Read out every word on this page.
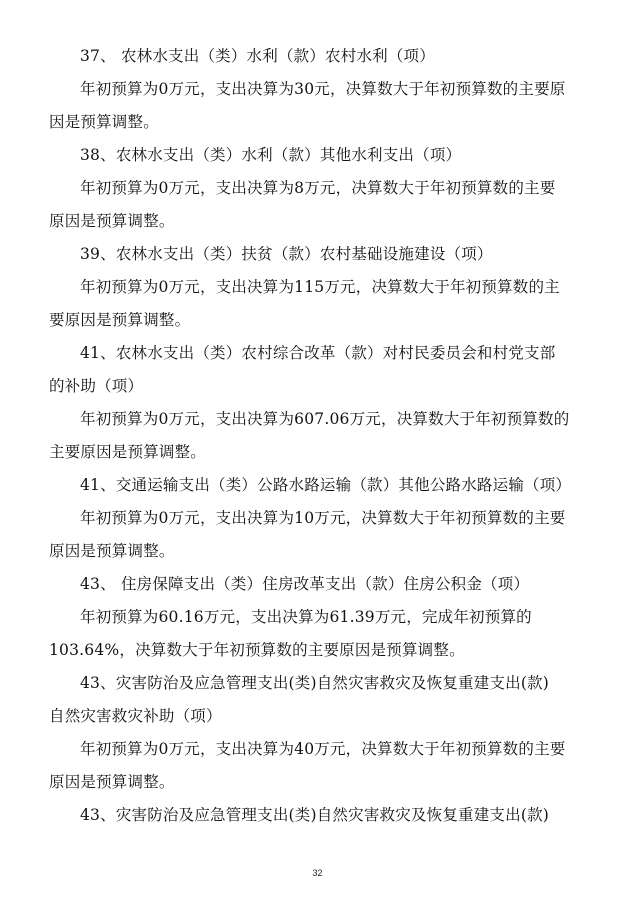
37、 农林水支出（类）水利（款）农村水利（项）
年初预算为0万元，支出决算为30元，决算数大于年初预算数的主要原
因是预算调整。
38、农林水支出（类）水利（款）其他水利支出（项）
年初预算为0万元，支出决算为8万元，决算数大于年初预算数的主要
原因是预算调整。
39、农林水支出（类）扶贫（款）农村基础设施建设（项）
年初预算为0万元，支出决算为115万元，决算数大于年初预算数的主
要原因是预算调整。
41、农林水支出（类）农村综合改革（款）对村民委员会和村党支部
的补助（项）
年初预算为0万元，支出决算为607.06万元，决算数大于年初预算数的
主要原因是预算调整。
41、交通运输支出（类）公路水路运输（款）其他公路水路运输（项）
年初预算为0万元，支出决算为10万元，决算数大于年初预算数的主要
原因是预算调整。
43、 住房保障支出（类）住房改革支出（款）住房公积金（项）
年初预算为60.16万元，支出决算为61.39万元，完成年初预算的
103.64%，决算数大于年初预算数的主要原因是预算调整。
43、灾害防治及应急管理支出(类)自然灾害救灾及恢复重建支出(款)
自然灾害救灾补助（项）
年初预算为0万元，支出决算为40万元，决算数大于年初预算数的主要
原因是预算调整。
43、灾害防治及应急管理支出(类)自然灾害救灾及恢复重建支出(款)
32
